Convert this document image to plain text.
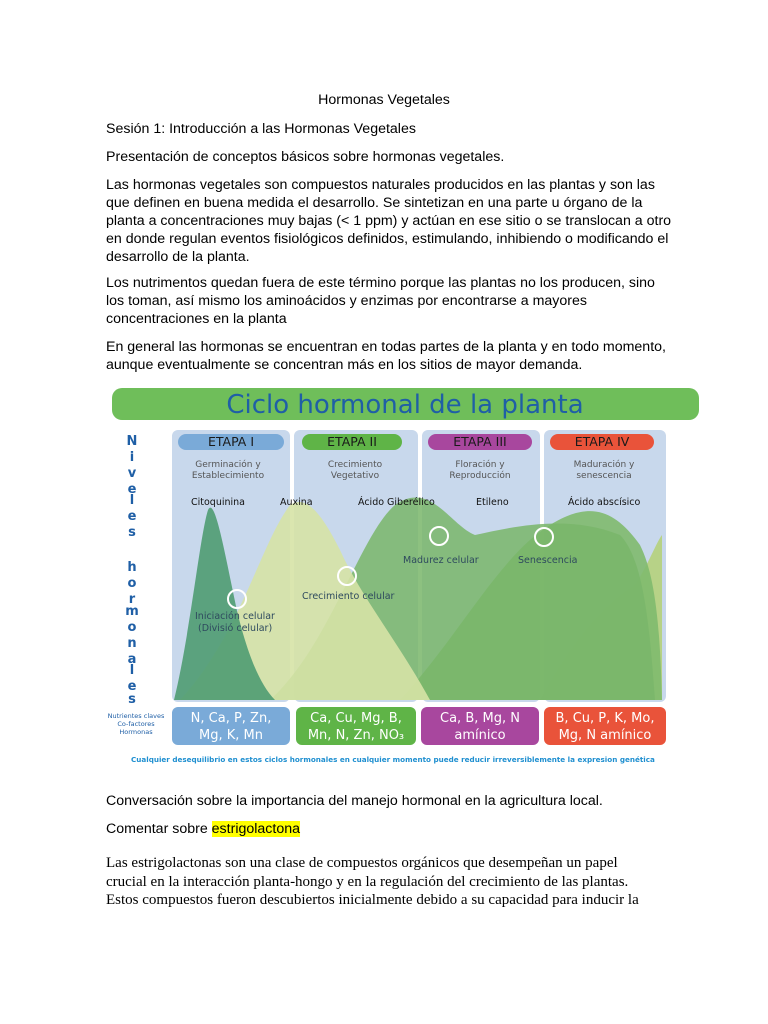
Hormonas Vegetales

Sesión 1: Introducción a las Hormonas Vegetales

Presentación de conceptos básicos sobre hormonas vegetales.

Las hormonas vegetales son compuestos naturales producidos en las plantas y son las
que definen en buena medida el desarrollo. Se sintetizan en una parte u órgano de la
planta a concentraciones muy bajas (< 1 ppm) y actúan en ese sitio o se translocan a otro
en donde regulan eventos fisiológicos definidos, estimulando, inhibiendo o modificando el
desarrollo de la planta.
Los nutrimentos quedan fuera de este término porque las plantas no los producen, sino
los toman, así mismo los aminoácidos y enzimas por encontrarse a mayores
concentraciones en la planta
En general las hormonas se encuentran en todas partes de la planta y en todo momento,
aunque eventualmente se concentran más en los sitios de mayor demanda.
Ciclo hormonal de la planta
N
i
v
e
l
e
s
h
o
r
m
o
n
a
l
e
s
ETAPA I	ETAPA II	ETAPA III	ETAPA IV
Germinación y
Establecimiento
Crecimiento
Vegetativo
Floración y
Reproducción
Maduración y
senescencia
Citoquinina	Auxina	Ácido Giberélico	Etileno	Ácido abscísico
Iniciación celular
(Divisió celular)
Crecimiento celular
Madurez celular	Senescencia
Nutrientes claves
Co-factores
Hormonas
N, Ca, P, Zn,
Mg, K, Mn
Ca, Cu, Mg, B,
Mn, N, Zn, NO₃
Ca, B, Mg, N
amínico
B, Cu, P, K, Mo,
Mg, N amínico
Cualquier desequilibrio en estos ciclos hormonales en cualquier momento puede reducir irreversiblemente la expresion genética

Conversación sobre la importancia del manejo hormonal en la agricultura local.

Comentar sobre estrigolactona

Las estrigolactonas son una clase de compuestos orgánicos que desempeñan un papel
crucial en la interacción planta-hongo y en la regulación del crecimiento de las plantas.
Estos compuestos fueron descubiertos inicialmente debido a su capacidad para inducir la
